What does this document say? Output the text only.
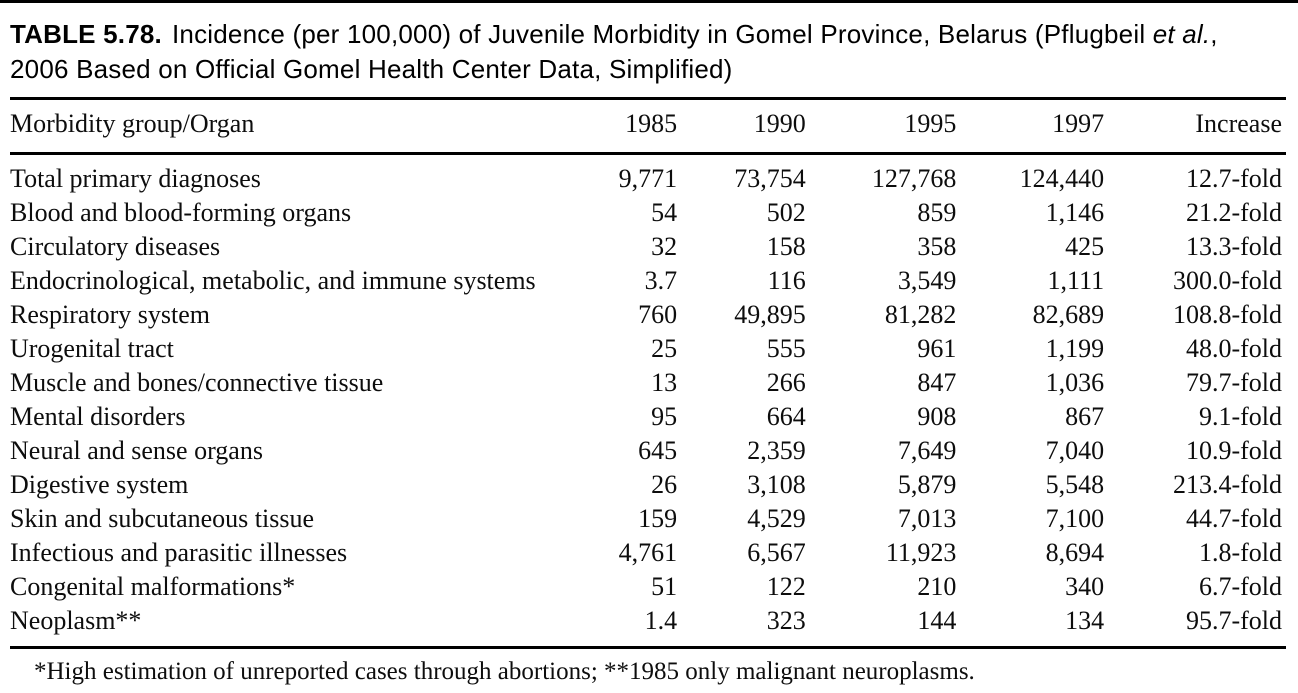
TABLE 5.78. Incidence (per 100,000) of Juvenile Morbidity in Gomel Province, Belarus (Pflugbeil et al.,
2006 Based on Official Gomel Health Center Data, Simplified)
Morbidity group/Organ	1985	1990	1995	1997	Increase
Total primary diagnoses	9,771	73,754	127,768	124,440	12.7-fold
Blood and blood-forming organs	54	502	859	1,146	21.2-fold
Circulatory diseases	32	158	358	425	13.3-fold
Endocrinological, metabolic, and immune systems	3.7	116	3,549	1,111	300.0-fold
Respiratory system	760	49,895	81,282	82,689	108.8-fold
Urogenital tract	25	555	961	1,199	48.0-fold
Muscle and bones/connective tissue	13	266	847	1,036	79.7-fold
Mental disorders	95	664	908	867	9.1-fold
Neural and sense organs	645	2,359	7,649	7,040	10.9-fold
Digestive system	26	3,108	5,879	5,548	213.4-fold
Skin and subcutaneous tissue	159	4,529	7,013	7,100	44.7-fold
Infectious and parasitic illnesses	4,761	6,567	11,923	8,694	1.8-fold
Congenital malformations*	51	122	210	340	6.7-fold
Neoplasm**	1.4	323	144	134	95.7-fold
*High estimation of unreported cases through abortions; **1985 only malignant neuroplasms.
